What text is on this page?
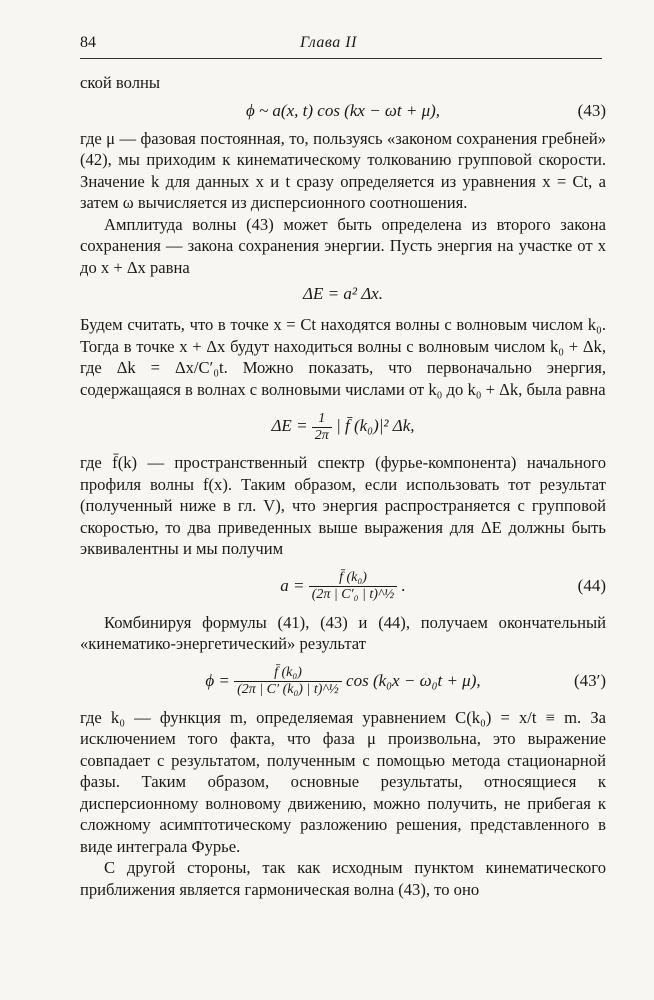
84	Глава II

ской волны

ϕ ~ a(x, t) cos (kx − ωt + μ),	(43)

где μ — фазовая постоянная, то, пользуясь «законом сохранения гребней» (42), мы приходим к кинематическому толкованию групповой скорости. Значение k для данных x и t сразу определяется из уравнения x = Ct, а затем ω вычисляется из дисперсионного соотношения.

Амплитуда волны (43) может быть определена из второго закона сохранения — закона сохранения энергии. Пусть энергия на участке от x до x + Δx равна

ΔE = a² Δx.

Будем считать, что в точке x = Ct находятся волны с волновым числом k₀. Тогда в точке x + Δx будут находиться волны с волновым числом k₀ + Δk, где Δk = Δx/C′₀t. Можно показать, что первоначально энергия, содержащаяся в волнах с волновыми числами от k₀ до k₀ + Δk, была равна

$\Delta E = \frac{1}{2\pi}$ | f̄ (k₀)|² Δk,

где f̄(k) — пространственный спектр (фурье-компонента) начального профиля волны f(x). Таким образом, если использовать тот результат (полученный ниже в гл. V), что энергия распространяется с групповой скоростью, то два приведенных выше выражения для ΔE должны быть эквивалентны и мы получим

$a = \frac{\text{f̄ (k₀)}}{\text{(2π | C′₀ | t)\textasciicircum{}½}}$ .	(44)

Комбинируя формулы (41), (43) и (44), получаем окончательный «кинематико-энергетический» результат

$\phi = \frac{\text{f̄ (k₀)}}{\text{(2π | C′ (k₀) | t)\textasciicircum{}½}}$ cos (k₀x − ω₀t + μ),	(43′)

где k₀ — функция m, определяемая уравнением C(k₀) = x/t ≡ m. За исключением того факта, что фаза μ произвольна, это выражение совпадает с результатом, полученным с помощью метода стационарной фазы. Таким образом, основные результаты, относящиеся к дисперсионному волновому движению, можно получить, не прибегая к сложному асимптотическому разложению решения, представленного в виде интеграла Фурье.

С другой стороны, так как исходным пунктом кинематического приближения является гармоническая волна (43), то оно
